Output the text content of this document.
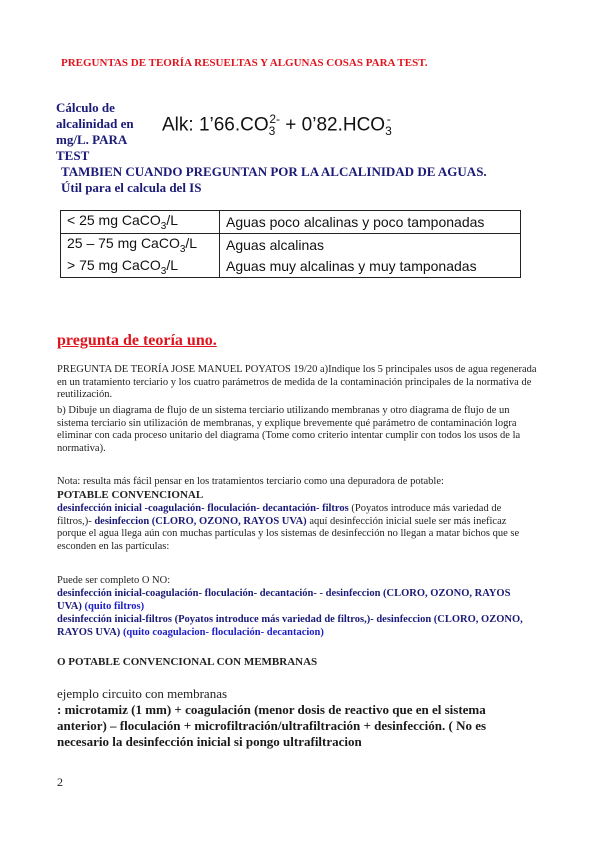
PREGUNTAS DE TEORÍA RESUELTAS Y ALGUNAS COSAS PARA TEST.
Cálculo de alcalinidad en mg/L. PARA TEST
Alk: $1’66.CO_3^{2-}$ + $0’82.HCO_3^-$
TAMBIEN CUANDO PREGUNTAN POR LA ALCALINIDAD DE AGUAS.
Útil para el calcula del IS
< 25 mg CaCO$_3$/L	Aguas poco alcalinas y poco tamponadas
25 – 75 mg CaCO$_3$/L	Aguas alcalinas
> 75 mg CaCO$_3$/L	Aguas muy alcalinas y muy tamponadas
pregunta de teoría uno.
PREGUNTA DE TEORÍA JOSE MANUEL POYATOS 19/20 a)Indique los 5 principales usos de agua regenerada en un tratamiento terciario y los cuatro parámetros de medida de la contaminación principales de la normativa de reutilización.
b) Dibuje un diagrama de flujo de un sistema terciario utilizando membranas y otro diagrama de flujo de un sistema terciario sin utilización de membranas, y explique brevemente qué parámetro de contaminación logra eliminar con cada proceso unitario del diagrama (Tome como criterio intentar cumplir con todos los usos de la normativa).
Nota: resulta más fácil pensar en los tratamientos terciario como una depuradora de potable:
POTABLE CONVENCIONAL
desinfección inicial -coagulación- floculación- decantación- filtros (Poyatos introduce más variedad de filtros,)- desinfeccion (CLORO, OZONO, RAYOS UVA) aquí desinfección inicial suele ser más ineficaz porque el agua llega aún con muchas partículas y los sistemas de desinfección no llegan a matar bichos que se esconden en las partículas:
Puede ser completo O NO:
desinfección inicial-coagulación- floculación- decantación- - desinfeccion (CLORO, OZONO, RAYOS UVA) (quito filtros)
desinfección inicial-filtros (Poyatos introduce más variedad de filtros,)- desinfeccion (CLORO, OZONO, RAYOS UVA) (quito coagulacion- floculación- decantacion)
O POTABLE CONVENCIONAL CON MEMBRANAS
ejemplo circuito con membranas
: microtamiz (1 mm) + coagulación (menor dosis de reactivo que en el sistema anterior) – floculación + microfiltración/ultrafiltración + desinfección. ( No es necesario la desinfección inicial si pongo ultrafiltracion
2
